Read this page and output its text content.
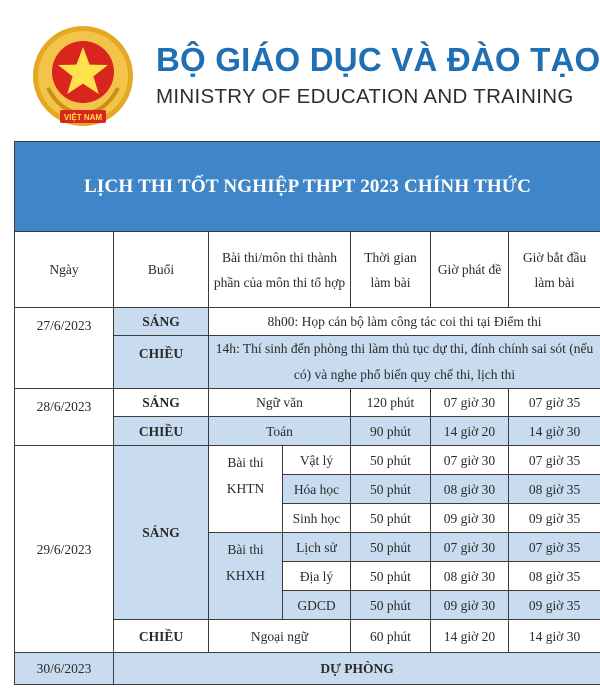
VIỆT NAM
BỘ GIÁO DỤC VÀ ĐÀO TẠO
MINISTRY OF EDUCATION AND TRAINING
LỊCH THI TỐT NGHIỆP THPT 2023 CHÍNH THỨC						
Ngày	Buổi	Bài thi/môn thi thành phần của môn thi tổ hợp		Thời gian làm bài	Giờ phát đề	Giờ bắt đầu làm bài
27/6/2023	SÁNG	8h00: Họp cán bộ làm công tác coi thi tại Điểm thi				
	CHIỀU	14h: Thí sinh đến phòng thi làm thủ tục dự thi, đính chính sai sót (nếu có) và nghe phổ biến quy chế thi, lịch thi				
28/6/2023	SÁNG	Ngữ văn		120 phút	07 giờ 30	07 giờ 35
	CHIỀU	Toán		90 phút	14 giờ 20	14 giờ 30
29/6/2023	SÁNG	Bài thi KHTN	Vật lý	50 phút	07 giờ 30	07 giờ 35
			Hóa học	50 phút	08 giờ 30	08 giờ 35
			Sinh học	50 phút	09 giờ 30	09 giờ 35
		Bài thi KHXH	Lịch sử	50 phút	07 giờ 30	07 giờ 35
			Địa lý	50 phút	08 giờ 30	08 giờ 35
			GDCD	50 phút	09 giờ 30	09 giờ 35
	CHIỀU	Ngoại ngữ		60 phút	14 giờ 20	14 giờ 30
30/6/2023	DỰ PHÒNG					
